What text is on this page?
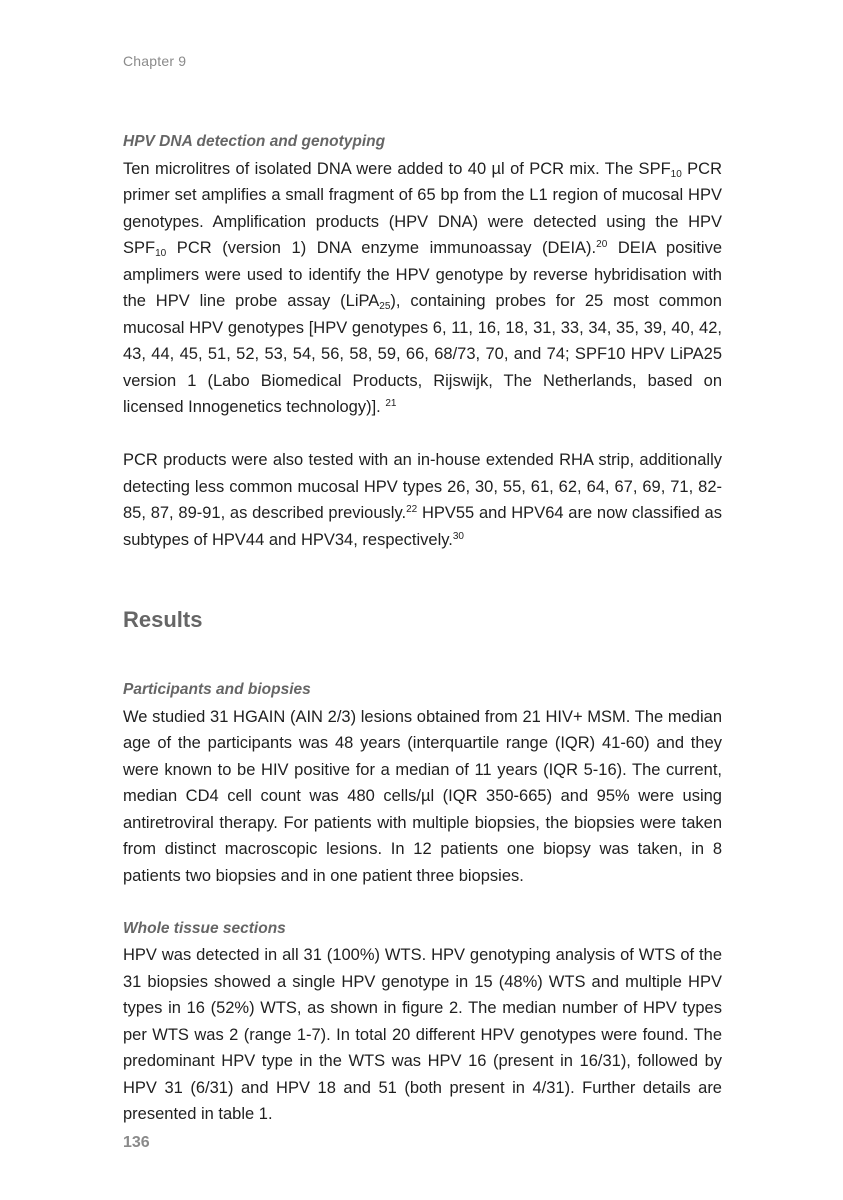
Chapter 9

HPV DNA detection and genotyping

Ten microlitres of isolated DNA were added to 40 µl of PCR mix. The $SPF_{10}$ PCR primer set amplifies a small fragment of 65 bp from the L1 region of mucosal HPV genotypes. Amplification products (HPV DNA) were detected using the HPV $SPF_{10}$ PCR (version 1) DNA enzyme immunoassay (DEIA).$^{20}$ DEIA positive amplimers were used to identify the HPV genotype by reverse hybridisation with the HPV line probe assay (LiPA$_{25}$), containing probes for 25 most common mucosal HPV genotypes [HPV genotypes 6, 11, 16, 18, 31, 33, 34, 35, 39, 40, 42, 43, 44, 45, 51, 52, 53, 54, 56, 58, 59, 66, 68/73, 70, and 74; SPF10 HPV LiPA25 version 1 (Labo Biomedical Products, Rijswijk, The Netherlands, based on licensed Innogenetics technology)]. $^{21}$

PCR products were also tested with an in-house extended RHA strip, additionally detecting less common mucosal HPV types 26, 30, 55, 61, 62, 64, 67, 69, 71, 82-85, 87, 89-91, as described previously.$^{22}$ HPV55 and HPV64 are now classified as subtypes of HPV44 and HPV34, respectively.$^{30}$

Results

Participants and biopsies

We studied 31 HGAIN (AIN 2/3) lesions obtained from 21 HIV+ MSM. The median age of the participants was 48 years (interquartile range (IQR) 41-60) and they were known to be HIV positive for a median of 11 years (IQR 5-16). The current, median CD4 cell count was 480 cells/µl (IQR 350-665) and 95% were using antiretroviral therapy. For patients with multiple biopsies, the biopsies were taken from distinct macroscopic lesions. In 12 patients one biopsy was taken, in 8 patients two biopsies and in one patient three biopsies.

Whole tissue sections

HPV was detected in all 31 (100%) WTS. HPV genotyping analysis of WTS of the 31 biopsies showed a single HPV genotype in 15 (48%) WTS and multiple HPV types in 16 (52%) WTS, as shown in figure 2. The median number of HPV types per WTS was 2 (range 1-7). In total 20 different HPV genotypes were found. The predominant HPV type in the WTS was HPV 16 (present in 16/31), followed by HPV 31 (6/31) and HPV 18 and 51 (both present in 4/31). Further details are presented in table 1.

136
